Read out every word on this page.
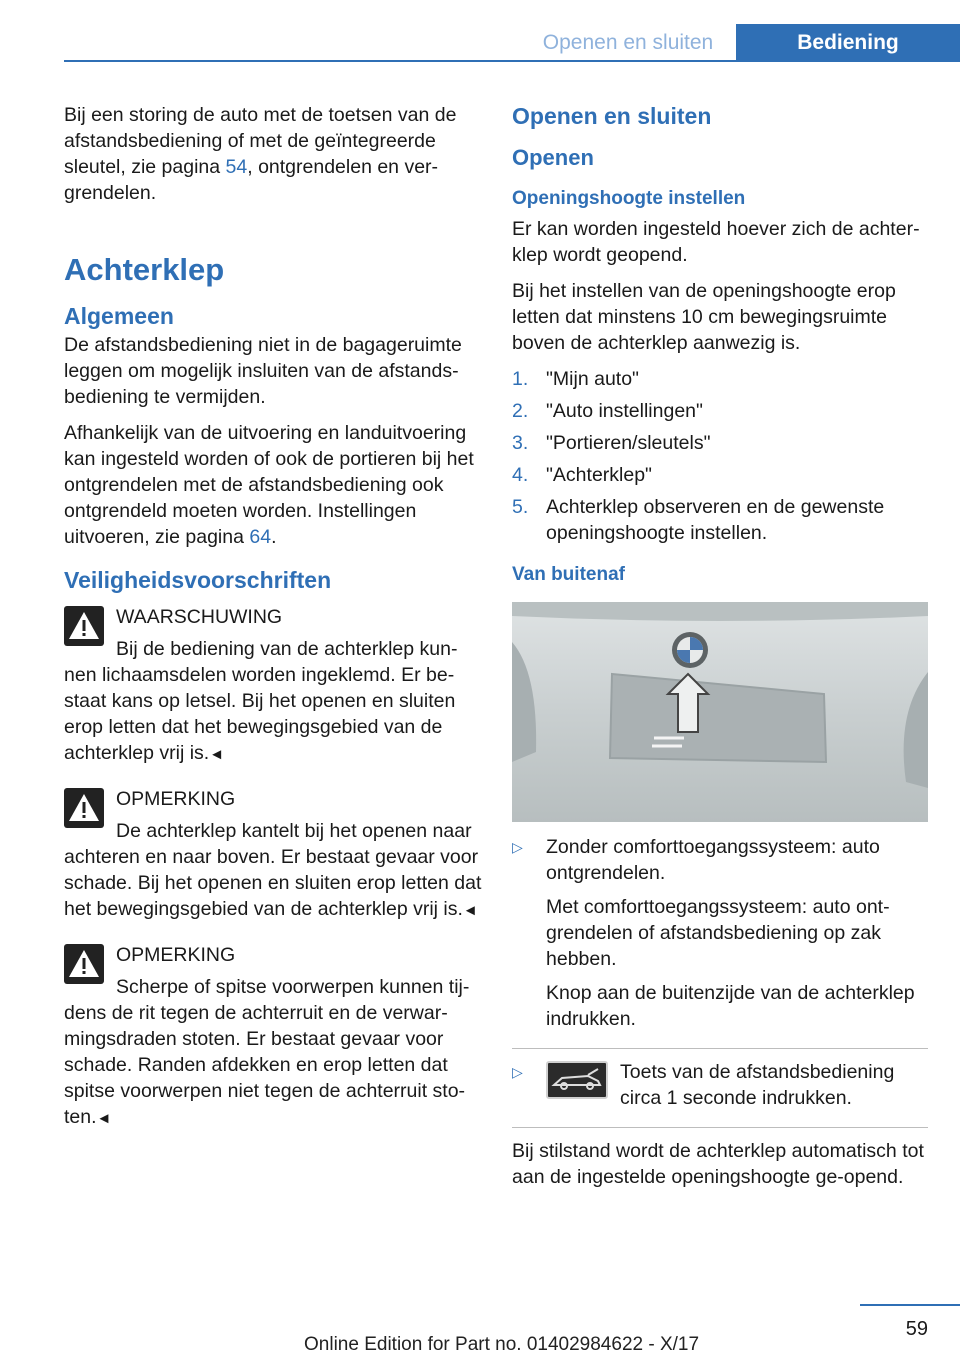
Openen en sluiten	Bediening

Bij een storing de auto met de toetsen van de afstandsbediening of met de geïntegreerde sleutel, zie pagina 54, ontgrendelen en ver-grendelen.

Achterklep
Algemeen

De afstandsbediening niet in de bagageruimte leggen om mogelijk insluiten van de afstands-bediening te vermijden.

Afhankelijk van de uitvoering en landuitvoering kan ingesteld worden of ook de portieren bij het ontgrendelen met de afstandsbediening ook ontgrendeld moeten worden. Instellingen uitvoeren, zie pagina 64.

Veiligheidsvoorschriften
WAARSCHUWING
Bij de bediening van de achterklep kun-nen lichaamsdelen worden ingeklemd. Er be-staat kans op letsel. Bij het openen en sluiten erop letten dat het bewegingsgebied van de achterklep vrij is.◄
OPMERKING
De achterklep kantelt bij het openen naar achteren en naar boven. Er bestaat gevaar voor schade. Bij het openen en sluiten erop letten dat het bewegingsgebied van de achterklep vrij is.◄
OPMERKING
Scherpe of spitse voorwerpen kunnen tij-dens de rit tegen de achterruit en de verwar-mingsdraden stoten. Er bestaat gevaar voor schade. Randen afdekken en erop letten dat spitse voorwerpen niet tegen de achterruit sto-ten.◄
Openen en sluiten
Openen
Openingshoogte instellen

Er kan worden ingesteld hoever zich de achter-klep wordt geopend.

Bij het instellen van de openingshoogte erop letten dat minstens 10 cm bewegingsruimte boven de achterklep aanwezig is.

1. "Mijn auto"
2. "Auto instellingen"
3. "Portieren/sleutels"
4. "Achterklep"
5. Achterklep observeren en de gewenste openingshoogte instellen.
Van buitenaf
▷ Zonder comforttoegangssysteem: auto ontgrendelen.

Met comforttoegangssysteem: auto ont-grendelen of afstandsbediening op zak hebben.

Knop aan de buitenzijde van de achterklep indrukken.

▷	Toets van de afstandsbediening circa 1 seconde indrukken.

Bij stilstand wordt de achterklep automatisch tot aan de ingestelde openingshoogte ge-opend.

59
Online Edition for Part no. 01402984622 - X/17
